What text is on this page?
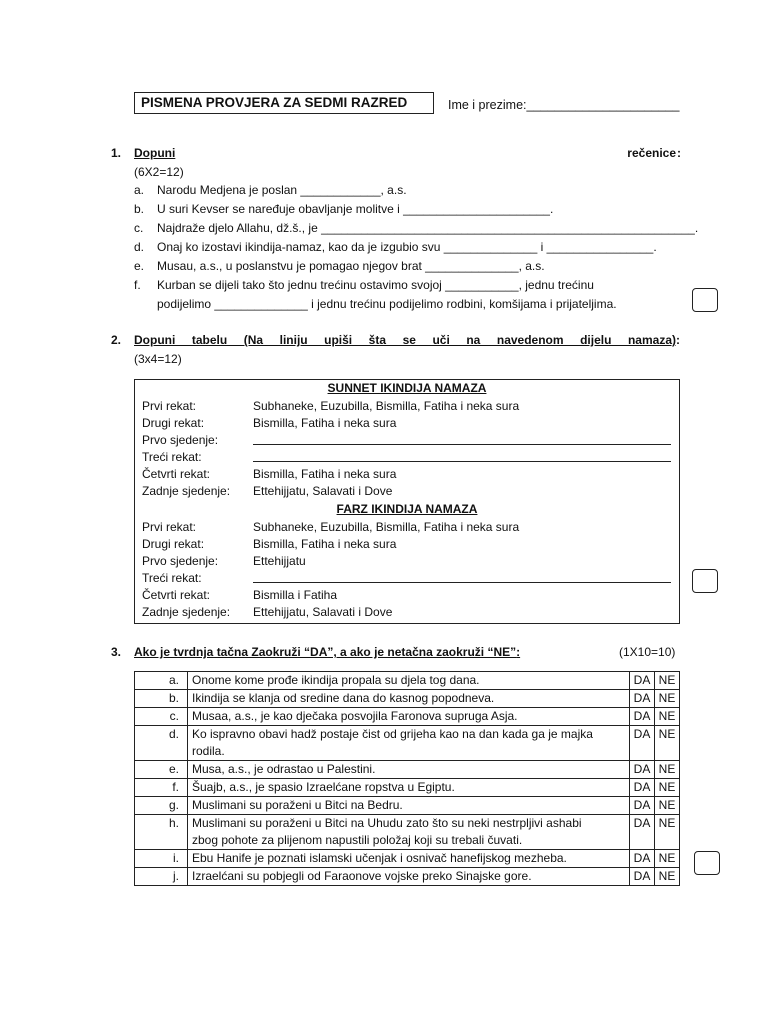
PISMENA PROVJERA ZA SEDMI RAZRED	Ime i prezime:______________________
1. Dopuni	rečenice :
(6X2=12)
a. Narodu Medjena je poslan ____________, a.s.
b. U suri Kevser se naređuje obavljanje molitve i ______________________.
c. Najdraže djelo Allahu, dž.š., je ________________________________________________________.
d. Onaj ko izostavi ikindija-namaz, kao da je izgubio svu ______________ i ________________.
e. Musau, a.s., u poslanstvu je pomagao njegov brat ______________, a.s.
f. Kurban se dijeli tako što jednu trećinu ostavimo svojoj ___________, jednu trećinu
podijelimo ______________ i jednu trećinu podijelimo rodbini, komšijama i prijateljima.
2. Dopuni tabelu (Na liniju upiši šta se uči na navedenom dijelu namaza) :
(3x4=12)
SUNNET IKINDIJA NAMAZA
Prvi rekat:	Subhaneke, Euzubilla, Bismilla, Fatiha i neka sura
Drugi rekat:	Bismilla, Fatiha i neka sura
Prvo sjedenje:
Treći rekat:
Četvrti rekat:	Bismilla, Fatiha i neka sura
Zadnje sjedenje: Ettehijjatu, Salavati i Dove
FARZ IKINDIJA NAMAZA
Prvi rekat:	Subhaneke, Euzubilla, Bismilla, Fatiha i neka sura
Drugi rekat:	Bismilla, Fatiha i neka sura
Prvo sjedenje:	Ettehijjatu
Treći rekat:
Četvrti rekat:	Bismilla i Fatiha
Zadnje sjedenje: Ettehijjatu, Salavati i Dove
3. Ako je tvrdnja tačna Zaokruži “DA”, a ako je netačna zaokruži “NE”:	(1X10=10)
a.	Onome kome prođe ikindija propala su djela tog dana.	DA	NE
b.	Ikindija se klanja od sredine dana do kasnog popodneva.	DA	NE
c.	Musaa, a.s., je kao dječaka posvojila Faronova supruga Asja.	DA	NE
d.	Ko ispravno obavi hadž postaje čist od grijeha kao na dan kada ga je majka
rodila.	DA	NE
e.	Musa, a.s., je odrastao u Palestini.	DA	NE
f.	Šuajb, a.s., je spasio Izraelćane ropstva u Egiptu.	DA	NE
g.	Muslimani su poraženi u Bitci na Bedru.	DA	NE
h.	Muslimani su poraženi u Bitci na Uhudu zato što su neki nestrpljivi ashabi
zbog pohote za plijenom napustili položaj koji su trebali čuvati.	DA	NE
i.	Ebu Hanife je poznati islamski učenjak i osnivač hanefijskog mezheba.	DA	NE
j.	Izraelćani su pobjegli od Faraonove vojske preko Sinajske gore.	DA	NE
